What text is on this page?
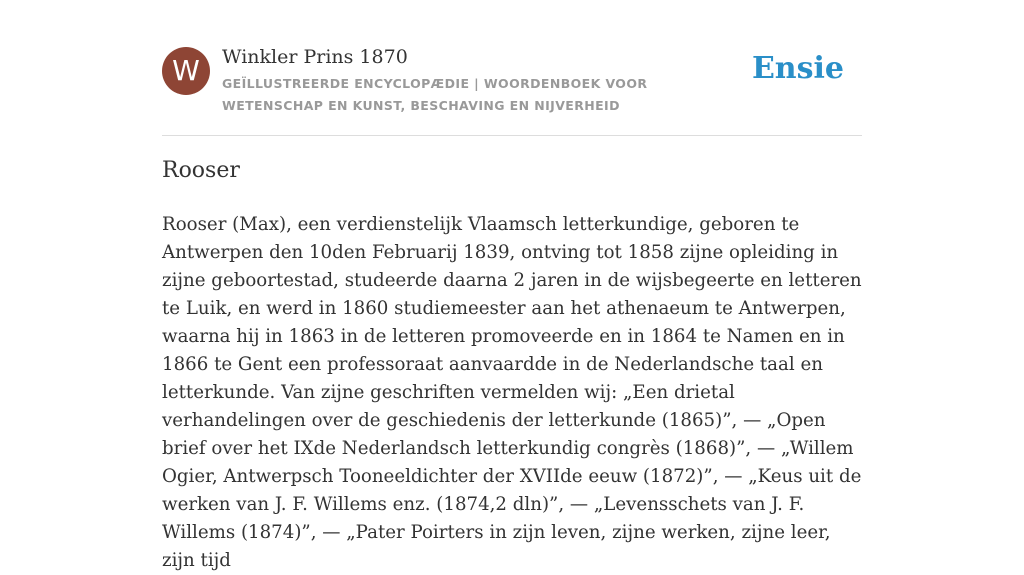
W	Winkler Prins 1870
GEÏLLUSTREERDE ENCYCLOPÆDIE | WOORDENBOEK VOOR WETENSCHAP EN KUNST, BESCHAVING EN NIJVERHEID
Ensie
Rooser

Rooser (Max), een verdienstelijk Vlaamsch letterkundige, geboren te Antwerpen den 10den Februarij 1839, ontving tot 1858 zijne opleiding in zijne geboortestad, studeerde daarna 2 jaren in de wijsbegeerte en letteren te Luik, en werd in 1860 studiemeester aan het athenaeum te Antwerpen, waarna hij in 1863 in de letteren promoveerde en in 1864 te Namen en in 1866 te Gent een professoraat aanvaardde in de Nederlandsche taal en letterkunde. Van zijne geschriften vermelden wij: „Een drietal verhandelingen over de geschiedenis der letterkunde (1865)”, — „Open brief over het IXde Nederlandsch letterkundig congrès (1868)”, — „Willem Ogier, Antwerpsch Tooneeldichter der XVIIde eeuw (1872)”, — „Keus uit de werken van J. F. Willems enz. (1874,2 dln)”, — „Levensschets van J. F. Willems (1874)”, — „Pater Poirters in zijn leven, zijne werken, zijne leer, zijn tijd
